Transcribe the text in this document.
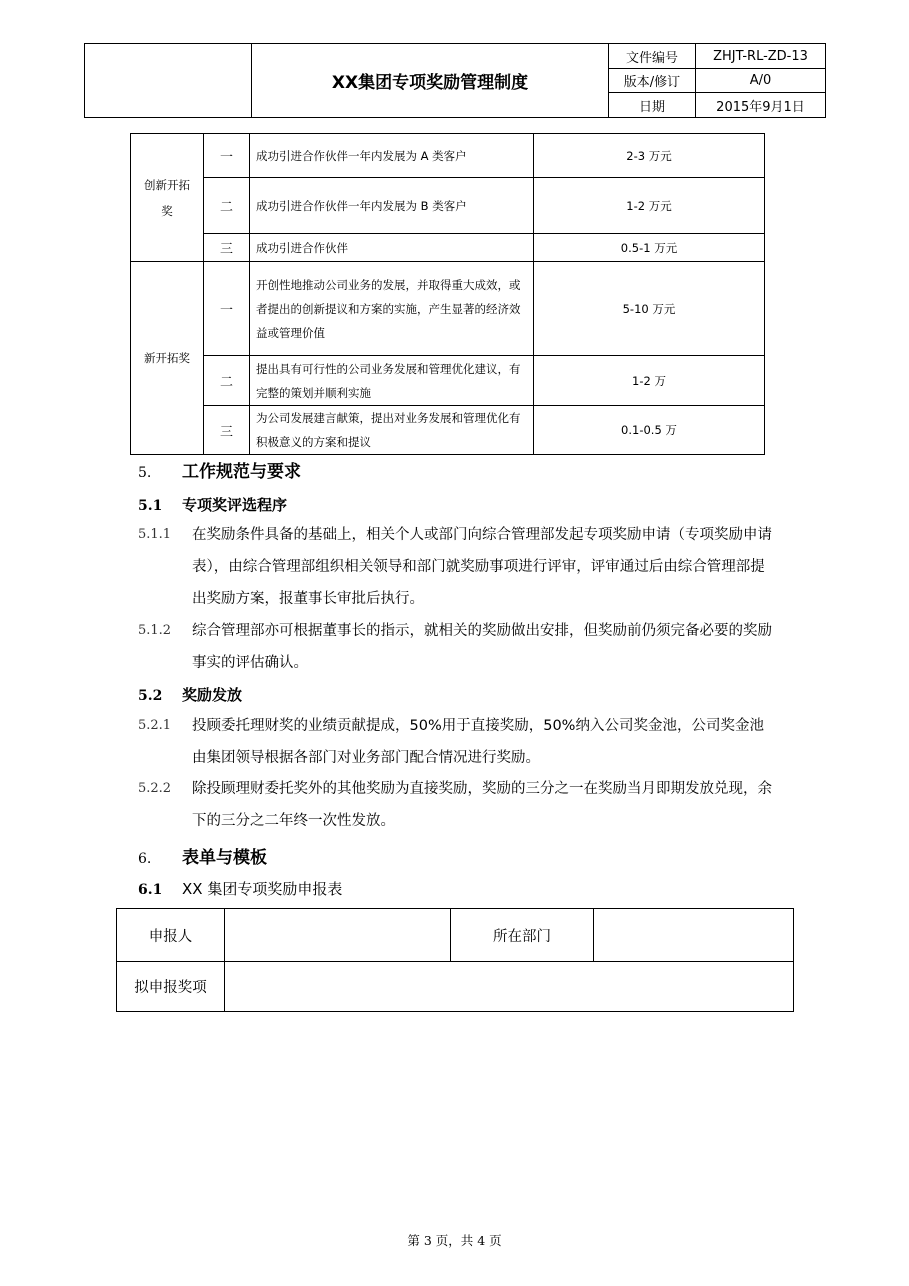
	XX集团专项奖励管理制度	文件编号	ZHJT-RL-ZD-13
		版本/修订	A/0
		日期	2015年9月1日
创新开拓奖	一	成功引进合作伙伴一年内发展为 A 类客户	2-3 万元
	二	成功引进合作伙伴一年内发展为 B 类客户	1-2 万元
	三	成功引进合作伙伴	0.5-1 万元

新开拓奖	一	开创性地推动公司业务的发展，并取得重大成效，或者提出的创新提议和方案的实施，产生显著的经济效益或管理价值	5-10 万元
	二	提出具有可行性的公司业务发展和管理优化建议，有完整的策划并顺利实施	1-2 万
	三	为公司发展建言献策，提出对业务发展和管理优化有积极意义的方案和提议	0.1-0.5 万
5. 工作规范与要求
5.1 专项奖评选程序
5.1.1 在奖励条件具备的基础上，相关个人或部门向综合管理部发起专项奖励申请（专项奖励申请表），由综合管理部组织相关领导和部门就奖励事项进行评审，评审通过后由综合管理部提出奖励方案，报董事长审批后执行。
5.1.2 综合管理部亦可根据董事长的指示，就相关的奖励做出安排，但奖励前仍须完备必要的奖励事实的评估确认。
5.2 奖励发放
5.2.1 投顾委托理财奖的业绩贡献提成，50%用于直接奖励，50%纳入公司奖金池，公司奖金池由集团领导根据各部门对业务部门配合情况进行奖励。
5.2.2 除投顾理财委托奖外的其他奖励为直接奖励，奖励的三分之一在奖励当月即期发放兑现，余下的三分之二年终一次性发放。
6. 表单与模板
6.1 XX 集团专项奖励申报表
申报人		所在部门	
拟申报奖项			
第 3 页，共 4 页
